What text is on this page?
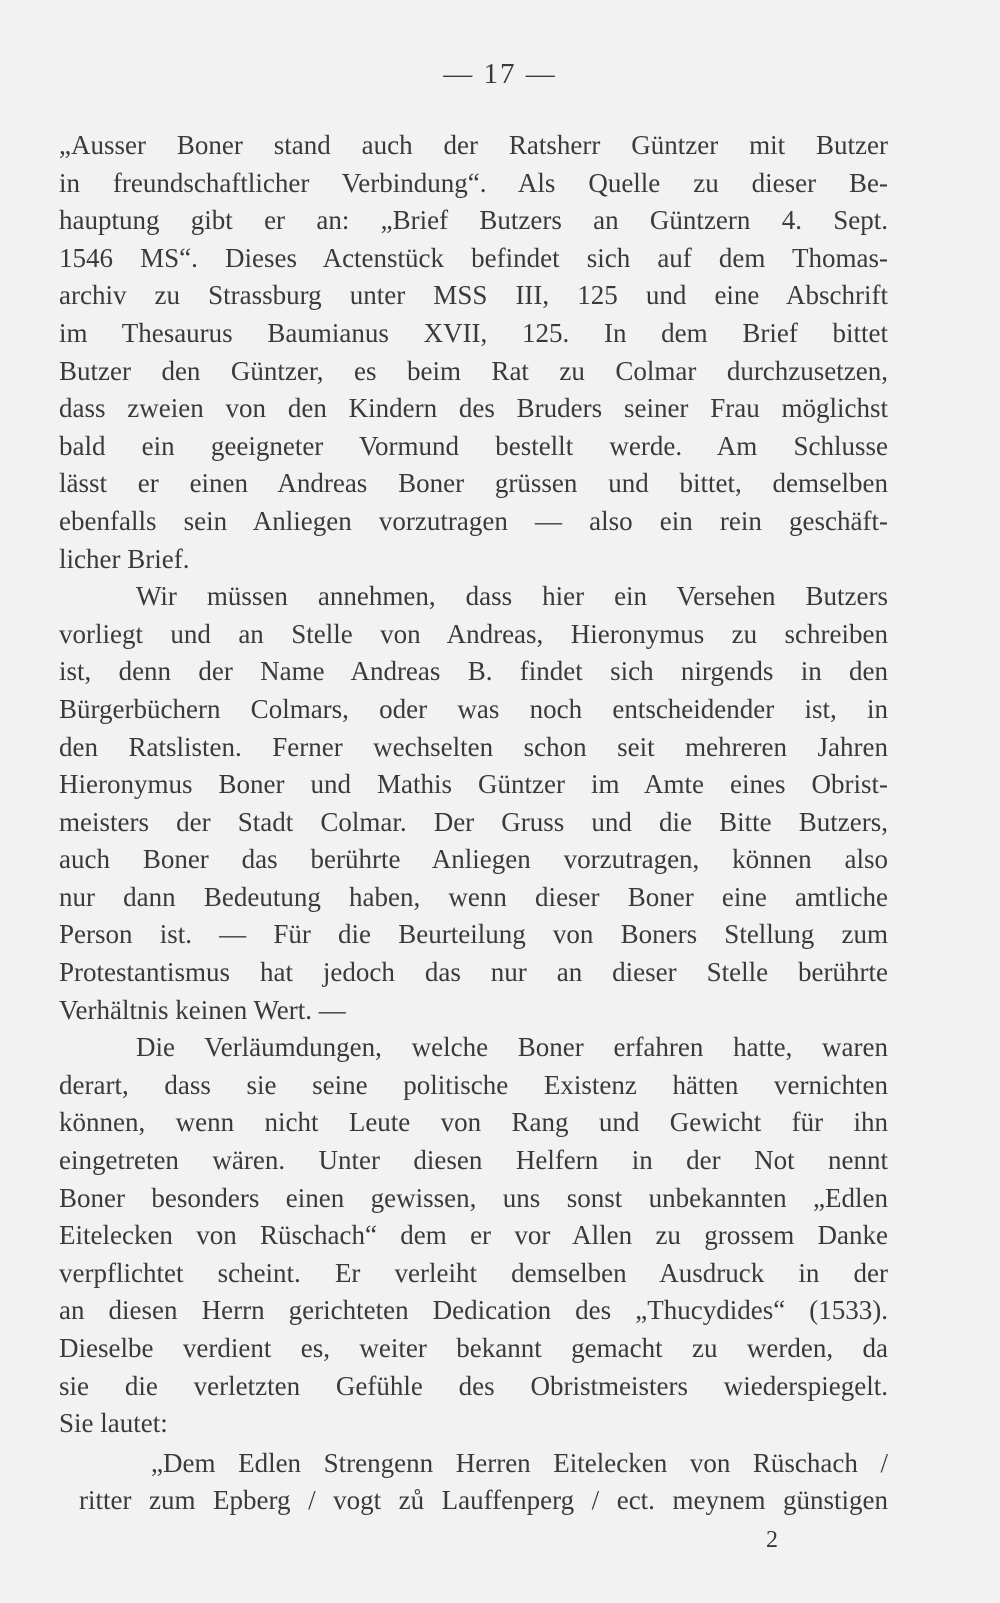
— 17 —
„Ausser Boner stand auch der Ratsherr Güntzer mit Butzer
in freundschaftlicher Verbindung“. Als Quelle zu dieser Be-
hauptung gibt er an: „Brief Butzers an Güntzern 4. Sept.
1546 MS“. Dieses Actenstück befindet sich auf dem Thomas-
archiv zu Strassburg unter MSS III, 125 und eine Abschrift
im Thesaurus Baumianus XVII, 125. In dem Brief bittet
Butzer den Güntzer, es beim Rat zu Colmar durchzusetzen,
dass zweien von den Kindern des Bruders seiner Frau möglichst
bald ein geeigneter Vormund bestellt werde. Am Schlusse
lässt er einen Andreas Boner grüssen und bittet, demselben
ebenfalls sein Anliegen vorzutragen — also ein rein geschäft-
licher Brief.
Wir müssen annehmen, dass hier ein Versehen Butzers
vorliegt und an Stelle von Andreas, Hieronymus zu schreiben
ist, denn der Name Andreas B. findet sich nirgends in den
Bürgerbüchern Colmars, oder was noch entscheidender ist, in
den Ratslisten. Ferner wechselten schon seit mehreren Jahren
Hieronymus Boner und Mathis Güntzer im Amte eines Obrist-
meisters der Stadt Colmar. Der Gruss und die Bitte Butzers,
auch Boner das berührte Anliegen vorzutragen, können also
nur dann Bedeutung haben, wenn dieser Boner eine amtliche
Person ist. — Für die Beurteilung von Boners Stellung zum
Protestantismus hat jedoch das nur an dieser Stelle berührte
Verhältnis keinen Wert. —
Die Verläumdungen, welche Boner erfahren hatte, waren
derart, dass sie seine politische Existenz hätten vernichten
können, wenn nicht Leute von Rang und Gewicht für ihn
eingetreten wären. Unter diesen Helfern in der Not nennt
Boner besonders einen gewissen, uns sonst unbekannten „Edlen
Eitelecken von Rüschach“ dem er vor Allen zu grossem Danke
verpflichtet scheint. Er verleiht demselben Ausdruck in der
an diesen Herrn gerichteten Dedication des „Thucydides“ (1533).
Dieselbe verdient es, weiter bekannt gemacht zu werden, da
sie die verletzten Gefühle des Obristmeisters wiederspiegelt.
Sie lautet:
„Dem Edlen Strengenn Herren Eitelecken von Rüschach /
ritter zum Epberg / vogt zů Lauffenperg / ect. meynem günstigen
2
